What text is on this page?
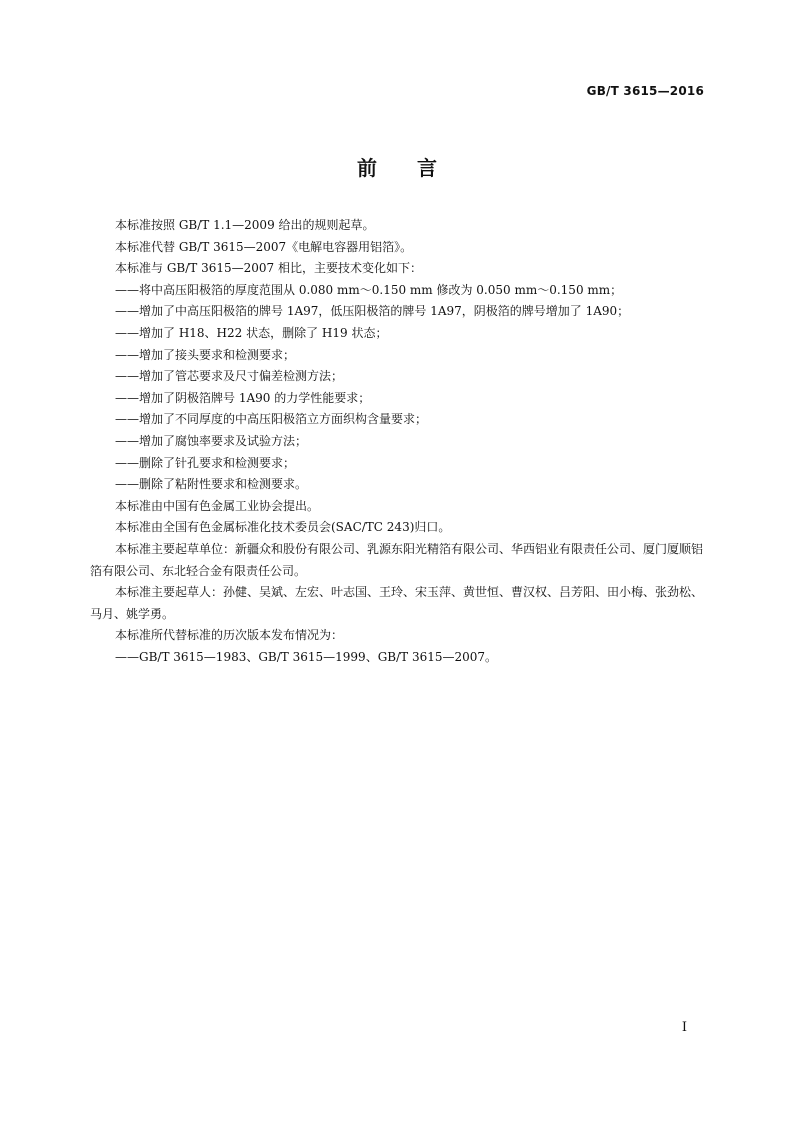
GB/T 3615—2016
前言

本标准按照 GB/T 1.1—2009 给出的规则起草。

本标准代替 GB/T 3615—2007《电解电容器用铝箔》。

本标准与 GB/T 3615—2007 相比，主要技术变化如下：

——将中高压阳极箔的厚度范围从 0.080 mm～0.150 mm 修改为 0.050 mm～0.150 mm；

——增加了中高压阳极箔的牌号 1A97，低压阳极箔的牌号 1A97，阴极箔的牌号增加了 1A90；

——增加了 H18、H22 状态，删除了 H19 状态；

——增加了接头要求和检测要求；

——增加了管芯要求及尺寸偏差检测方法；

——增加了阴极箔牌号 1A90 的力学性能要求；

——增加了不同厚度的中高压阳极箔立方面织构含量要求；

——增加了腐蚀率要求及试验方法；

——删除了针孔要求和检测要求；

——删除了粘附性要求和检测要求。

本标准由中国有色金属工业协会提出。

本标准由全国有色金属标准化技术委员会(SAC/TC 243)归口。

本标准主要起草单位：新疆众和股份有限公司、乳源东阳光精箔有限公司、华西铝业有限责任公司、厦门厦顺铝箔有限公司、东北轻合金有限责任公司。

本标准主要起草人：孙健、吴斌、左宏、叶志国、王玲、宋玉萍、黄世恒、曹汉权、吕芳阳、田小梅、张劲松、马月、姚学勇。

本标准所代替标准的历次版本发布情况为：

——GB/T 3615—1983、GB/T 3615—1999、GB/T 3615—2007。

I
